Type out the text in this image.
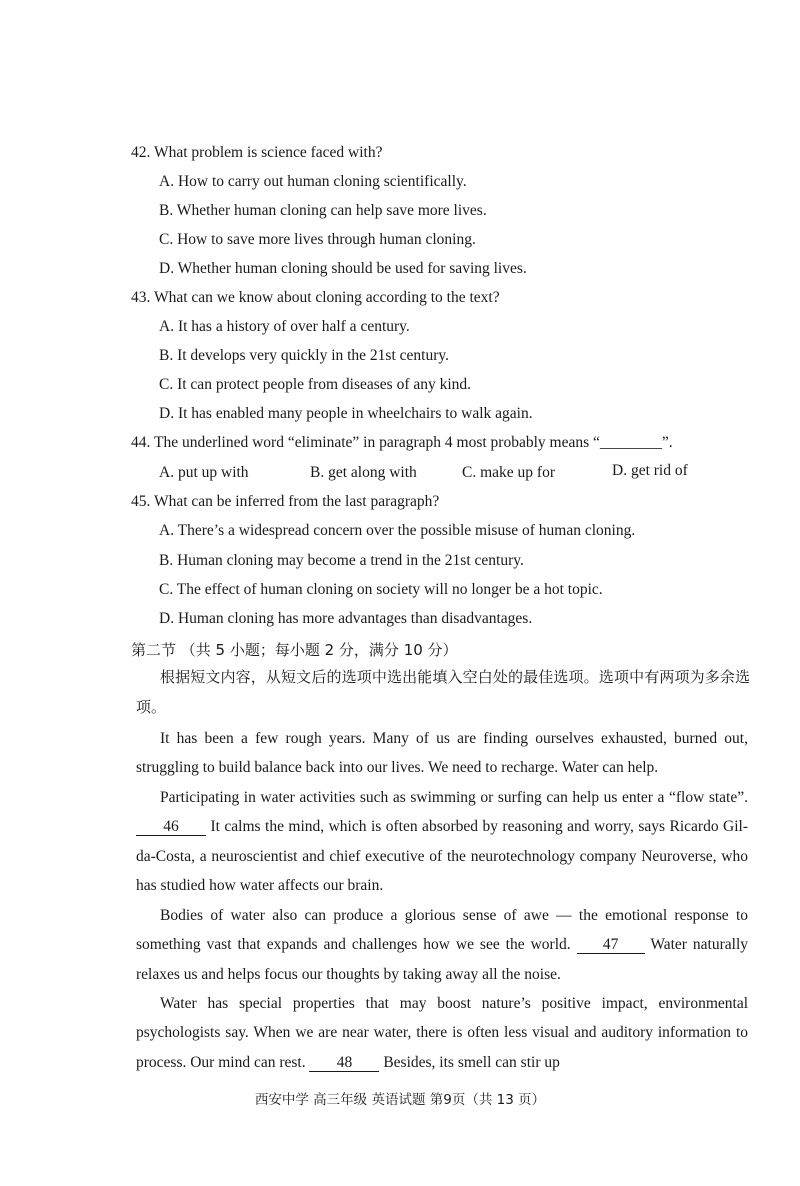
42. What problem is science faced with?
A. How to carry out human cloning scientifically.
B. Whether human cloning can help save more lives.
C. How to save more lives through human cloning.
D. Whether human cloning should be used for saving lives.
43. What can we know about cloning according to the text?
A. It has a history of over half a century.
B. It develops very quickly in the 21st century.
C. It can protect people from diseases of any kind.
D. It has enabled many people in wheelchairs to walk again.
44. The underlined word “eliminate” in paragraph 4 most probably means “________”.
A. put up with	B. get along with	C. make up for	D. get rid of
45. What can be inferred from the last paragraph?
A. There’s a widespread concern over the possible misuse of human cloning.
B. Human cloning may become a trend in the 21st century.
C. The effect of human cloning on society will no longer be a hot topic.
D. Human cloning has more advantages than disadvantages.
第二节 （共 5 小题；每小题 2 分，满分 10 分）
根据短文内容，从短文后的选项中选出能填入空白处的最佳选项。选项中有两项为多余选项。
It has been a few rough years. Many of us are finding ourselves exhausted, burned out, struggling to build balance back into our lives. We need to recharge. Water can help.
Participating in water activities such as swimming or surfing can help us enter a “flow state”. 46 It calms the mind, which is often absorbed by reasoning and worry, says Ricardo Gil-da-Costa, a neuroscientist and chief executive of the neurotechnology company Neuroverse, who has studied how water affects our brain.
Bodies of water also can produce a glorious sense of awe — the emotional response to something vast that expands and challenges how we see the world. 47 Water naturally relaxes us and helps focus our thoughts by taking away all the noise.
Water has special properties that may boost nature’s positive impact, environmental psychologists say. When we are near water, there is often less visual and auditory information to process. Our mind can rest. 48 Besides, its smell can stir up
西安中学 高三年级 英语试题 第9页（共 13 页）
